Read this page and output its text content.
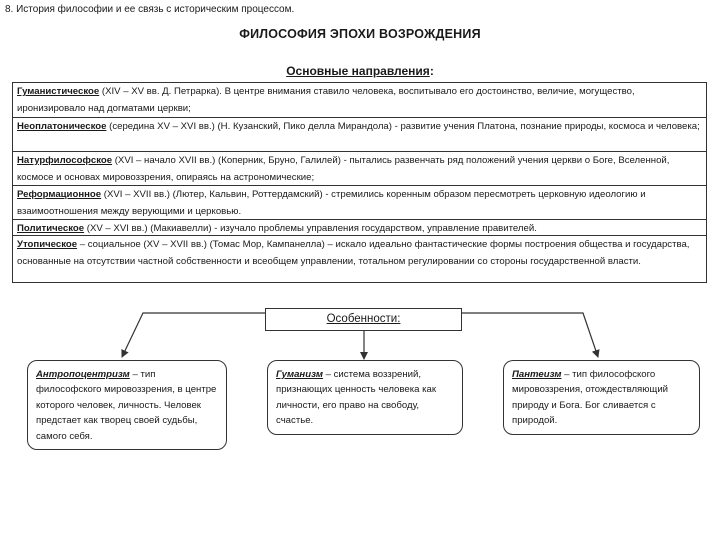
8. История философии и ее связь с историческим процессом.
ФИЛОСОФИЯ ЭПОХИ ВОЗРОЖДЕНИЯ
Основные направления:
Гуманистическое (XIV – XV вв. Д. Петрарка). В центре внимания ставило человека, воспитывало его достоинство, величие, могущество, иронизировало над догматами церкви;
Неоплатоническое (середина XV – XVI вв.) (Н. Кузанский, Пико делла Мирандола) - развитие учения Платона, познание природы, космоса и человека;
Натурфилософское (XVI – начало XVII вв.) (Коперник, Бруно, Галилей) - пытались развенчать ряд положений учения церкви о Боге, Вселенной, космосе и основах мировоззрения, опираясь на астрономические;
Реформационное (XVI – XVII вв.) (Лютер, Кальвин, Роттердамский) - стремились коренным образом пересмотреть церковную идеологию и взаимоотношения между верующими и церковью.
Политическое (XV – XVI вв.) (Макиавелли) - изучало проблемы управления государством, управление правителей.
Утопическое – социальное (XV – XVII вв.) (Томас Мор, Кампанелла) – искало идеально фантастические формы построения общества и государства, основанные на отсутствии частной собственности и всеобщем управлении, тотальном регулировании со стороны государственной власти.
Особенности:
Антропоцентризм – тип философского мировоззрения, в центре которого человек, личность. Человек предстает как творец своей судьбы, самого себя.
Гуманизм – система воззрений, признающих ценность человека как личности, его право на свободу, счастье.
Пантеизм – тип философского мировоззрения, отождествляющий природу и Бога. Бог сливается с природой.
